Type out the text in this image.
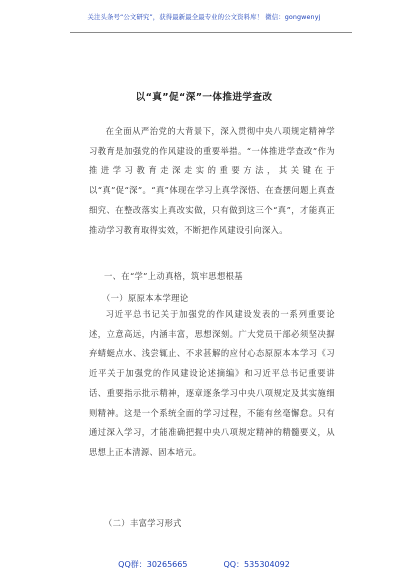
关注头条号“公文研究”，获得最新最全最专业的公文资料库！ 微信：gongwenyj
以“真”促“深”一体推进学查改
在全面从严治党的大背景下，深入贯彻中央八项规定精神学习教育是加强党的作风建设的重要举措。“一体推进学查改”作为推进学习教育走深走实的重要方法，其关键在于以“真”促“深”。“真”体现在学习上真学深悟、在查摆问题上真查细究、在整改落实上真改实做，只有做到这三个“真”，才能真正推动学习教育取得实效，不断把作风建设引向深入。
一、在“学”上动真格，筑牢思想根基
（一）原原本本学理论
习近平总书记关于加强党的作风建设发表的一系列重要论述，立意高远，内涵丰富，思想深刻。广大党员干部必须坚决摒弃蜻蜓点水、浅尝辄止、不求甚解的应付心态原原本本学习《习近平关于加强党的作风建设论述摘编》和习近平总书记重要讲话、重要指示批示精神，逐章逐条学习中央八项规定及其实施细则精神。这是一个系统全面的学习过程，不能有丝毫懈怠。只有通过深入学习，才能准确把握中央八项规定精神的精髓要义，从思想上正本清源、固本培元。
（二）丰富学习形式
QQ群：30265665	QQ：535304092
